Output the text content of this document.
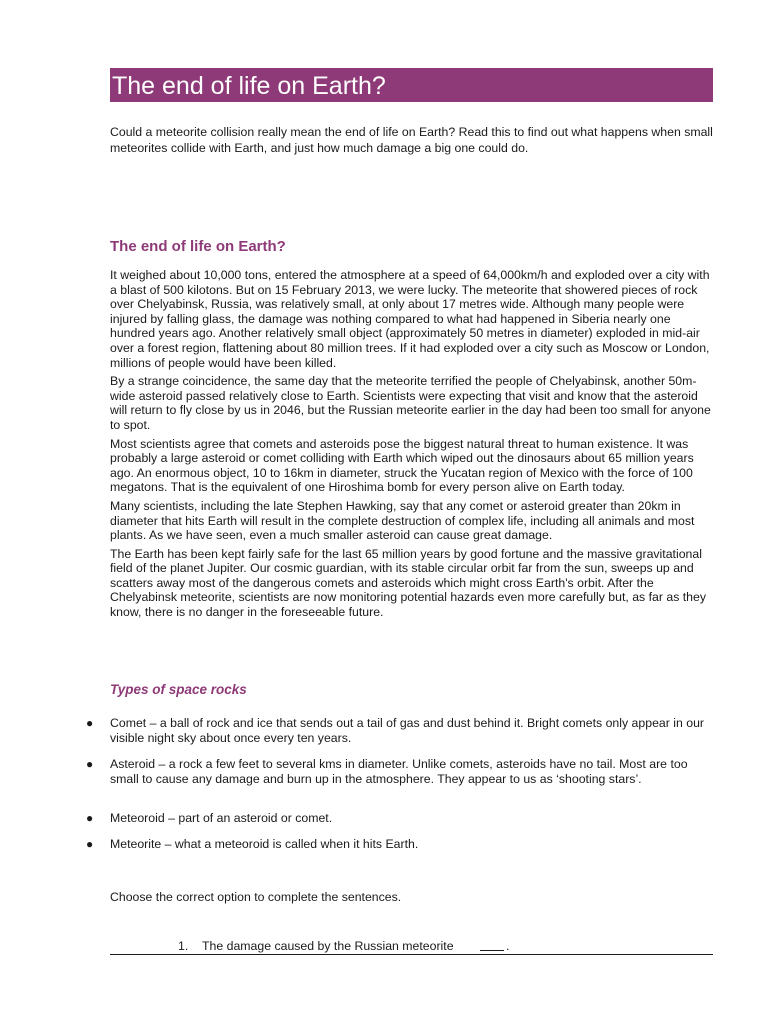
The end of life on Earth?
Could a meteorite collision really mean the end of life on Earth? Read this to find out what happens when small meteorites collide with Earth, and just how much damage a big one could do.
The end of life on Earth?

It weighed about 10,000 tons, entered the atmosphere at a speed of 64,000km/h and exploded over a city with a blast of 500 kilotons. But on 15 February 2013, we were lucky. The meteorite that showered pieces of rock over Chelyabinsk, Russia, was relatively small, at only about 17 metres wide. Although many people were injured by falling glass, the damage was nothing compared to what had happened in Siberia nearly one hundred years ago. Another relatively small object (approximately 50 metres in diameter) exploded in mid-air over a forest region, flattening about 80 million trees. If it had exploded over a city such as Moscow or London, millions of people would have been killed.

By a strange coincidence, the same day that the meteorite terrified the people of Chelyabinsk, another 50m-wide asteroid passed relatively close to Earth. Scientists were expecting that visit and know that the asteroid will return to fly close by us in 2046, but the Russian meteorite earlier in the day had been too small for anyone to spot.

Most scientists agree that comets and asteroids pose the biggest natural threat to human existence. It was probably a large asteroid or comet colliding with Earth which wiped out the dinosaurs about 65 million years ago. An enormous object, 10 to 16km in diameter, struck the Yucatan region of Mexico with the force of 100 megatons. That is the equivalent of one Hiroshima bomb for every person alive on Earth today.

Many scientists, including the late Stephen Hawking, say that any comet or asteroid greater than 20km in diameter that hits Earth will result in the complete destruction of complex life, including all animals and most plants. As we have seen, even a much smaller asteroid can cause great damage.

The Earth has been kept fairly safe for the last 65 million years by good fortune and the massive gravitational field of the planet Jupiter. Our cosmic guardian, with its stable circular orbit far from the sun, sweeps up and scatters away most of the dangerous comets and asteroids which might cross Earth's orbit. After the Chelyabinsk meteorite, scientists are now monitoring potential hazards even more carefully but, as far as they know, there is no danger in the foreseeable future.

Types of space rocks
●	Comet – a ball of rock and ice that sends out a tail of gas and dust behind it. Bright comets only appear in our visible night sky about once every ten years.
●	Asteroid – a rock a few feet to several kms in diameter. Unlike comets, asteroids have no tail. Most are too small to cause any damage and burn up in the atmosphere. They appear to us as ‘shooting stars’.
●	Meteoroid – part of an asteroid or comet.
●	Meteorite – what a meteoroid is called when it hits Earth.
Choose the correct option to complete the sentences.
1. The damage caused by the Russian meteorite	.
